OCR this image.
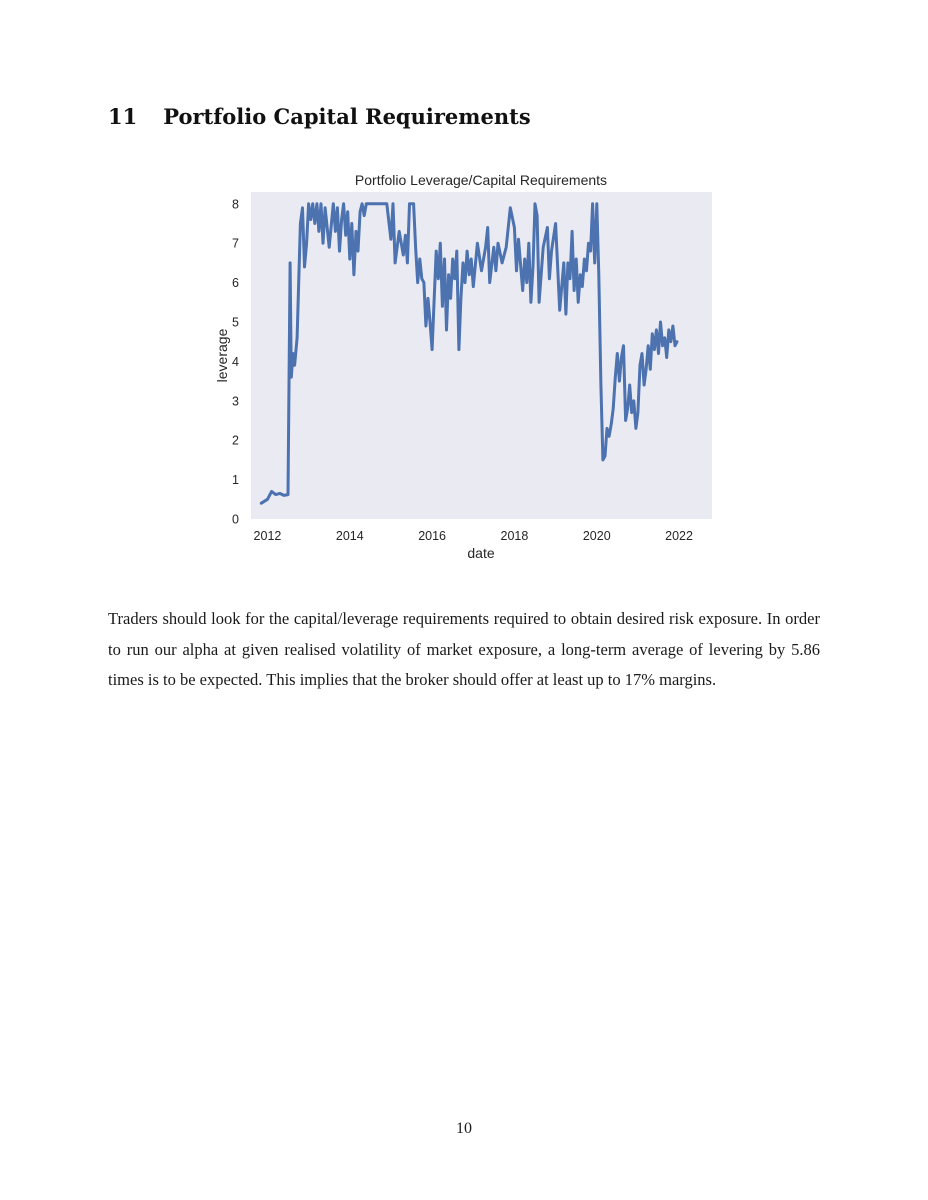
11 Portfolio Capital Requirements
Portfolio Leverage/Capital Requirements
0
1
2
3
4
5
6
7
8
2012	2014	2016	2018	2020	2022
date
leverage

Traders should look for the capital/leverage requirements required to obtain desired risk exposure. In order to run our alpha at given realised volatility of market exposure, a long-term average of levering by 5.86 times is to be expected. This implies that the broker should offer at least up to 17% margins.

10
